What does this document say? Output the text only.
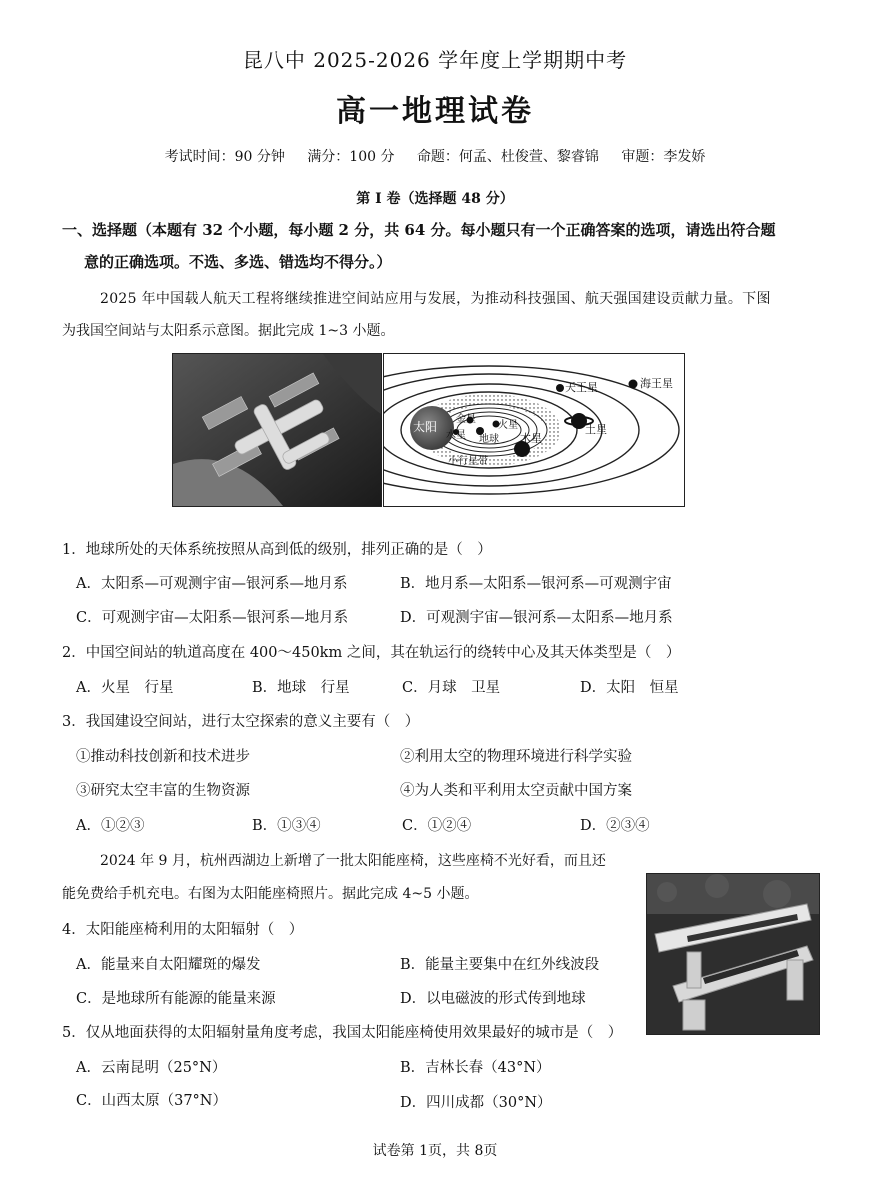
昆八中 2025-2026 学年度上学期期中考
高一地理试卷
考试时间：90 分钟 满分：100 分 命题：何孟、杜俊萱、黎睿锦 审题：李发娇
第 I 卷（选择题 48 分）
一、选择题（本题有 32 个小题，每小题 2 分，共 64 分。每小题只有一个正确答案的选项，请选出符合题
意的正确选项。不选、多选、错选均不得分。）
2025 年中国载人航天工程将继续推进空间站应用与发展，为推动科技强国、航天强国建设贡献力量。下图
为我国空间站与太阳系示意图。据此完成 1~3 小题。
太阳
水星
金星
地球
火星
木星
土星
天王星	海王星
小行星带
1．地球所处的天体系统按照从高到低的级别，排列正确的是（　）
A．太阳系—可观测宇宙—银河系—地月系	B．地月系—太阳系—银河系—可观测宇宙
C．可观测宇宙—太阳系—银河系—地月系	D．可观测宇宙—银河系—太阳系—地月系
2．中国空间站的轨道高度在 400～450km 之间，其在轨运行的绕转中心及其天体类型是（　）
A．火星　行星	B．地球　行星	C．月球　卫星	D．太阳　恒星
3．我国建设空间站，进行太空探索的意义主要有（　）
①推动科技创新和技术进步	②利用太空的物理环境进行科学实验
③研究太空丰富的生物资源	④为人类和平利用太空贡献中国方案
A．①②③	B．①③④	C．①②④	D．②③④
2024 年 9 月，杭州西湖边上新增了一批太阳能座椅，这些座椅不光好看，而且还
能免费给手机充电。右图为太阳能座椅照片。据此完成 4~5 小题。
4．太阳能座椅利用的太阳辐射（　）
A．能量来自太阳耀斑的爆发	B．能量主要集中在红外线波段
C．是地球所有能源的能量来源	D．以电磁波的形式传到地球
5．仅从地面获得的太阳辐射量角度考虑，我国太阳能座椅使用效果最好的城市是（　）
A．云南昆明（25°N）	B．吉林长春（43°N）
C．山西太原（37°N）	D．四川成都（30°N）
试卷第 1页，共 8页
